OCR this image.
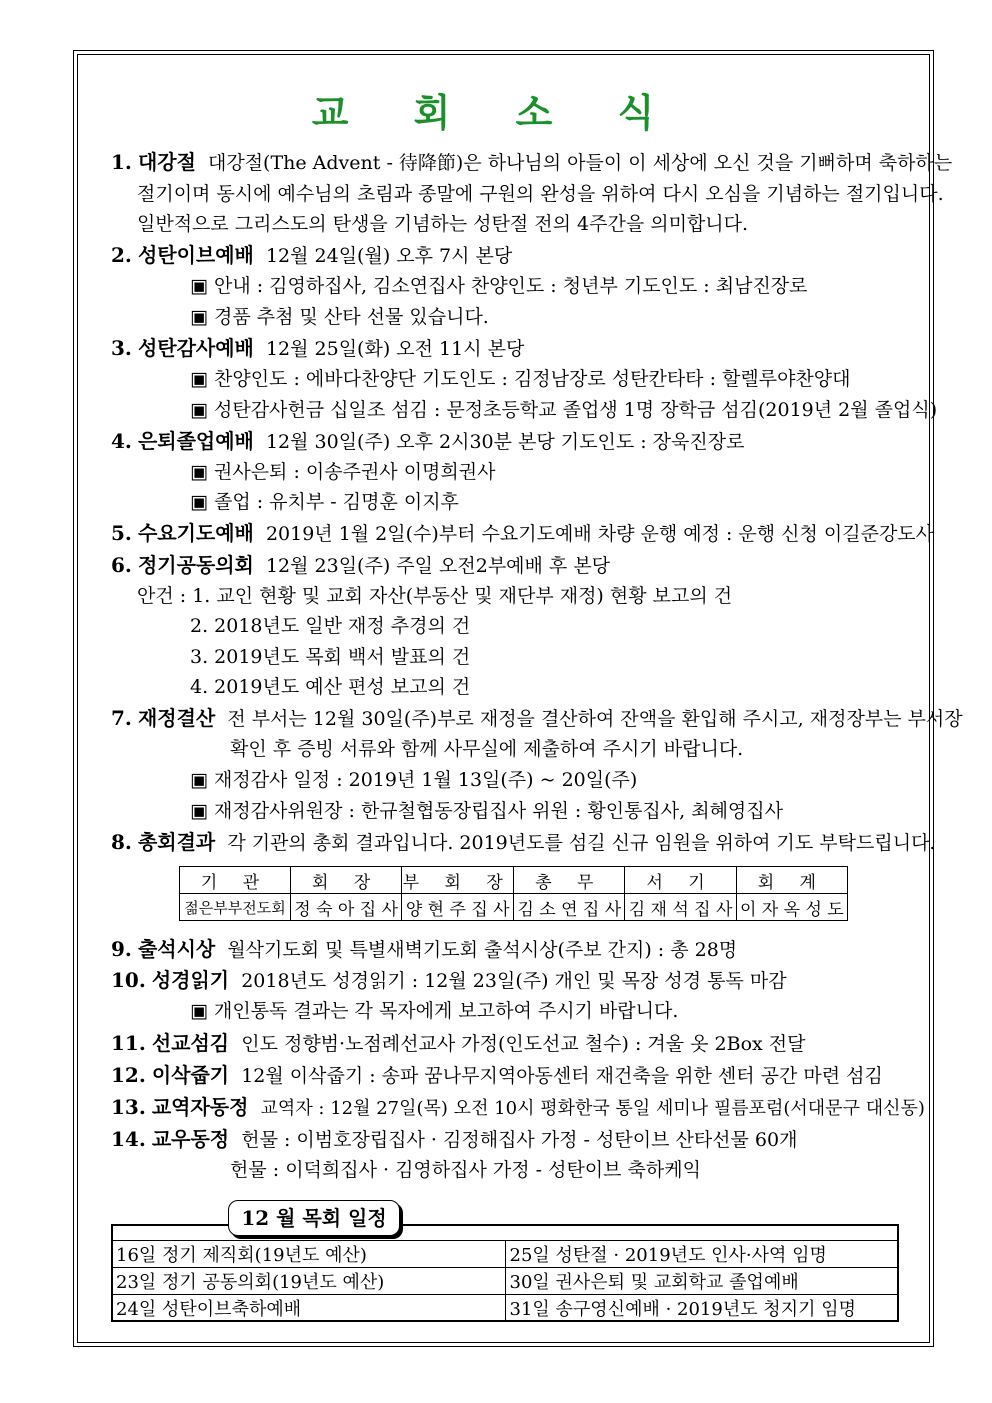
교 회 소 식
1. 대강절 대강절(The Advent - 待降節)은 하나님의 아들이 이 세상에 오신 것을 기뻐하며 축하하는
절기이며 동시에 예수님의 초림과 종말에 구원의 완성을 위하여 다시 오심을 기념하는 절기입니다.
일반적으로 그리스도의 탄생을 기념하는 성탄절 전의 4주간을 의미합니다.
2. 성탄이브예배 12월 24일(월) 오후 7시 본당
▣ 안내 : 김영하집사, 김소연집사 찬양인도 : 청년부 기도인도 : 최남진장로
▣ 경품 추첨 및 산타 선물 있습니다.
3. 성탄감사예배 12월 25일(화) 오전 11시 본당
▣ 찬양인도 : 에바다찬양단 기도인도 : 김정남장로 성탄칸타타 : 할렐루야찬양대
▣ 성탄감사헌금 십일조 섬김 : 문정초등학교 졸업생 1명 장학금 섬김(2019년 2월 졸업식)
4. 은퇴졸업예배 12월 30일(주) 오후 2시30분 본당 기도인도 : 장욱진장로
▣ 권사은퇴 : 이송주권사 이명희권사
▣ 졸업 : 유치부 - 김명훈 이지후
5. 수요기도예배 2019년 1월 2일(수)부터 수요기도예배 차량 운행 예정 : 운행 신청 이길준강도사
6. 정기공동의회 12월 23일(주) 주일 오전2부예배 후 본당
안건 : 1. 교인 현황 및 교회 자산(부동산 및 재단부 재정) 현황 보고의 건
2. 2018년도 일반 재정 추경의 건
3. 2019년도 목회 백서 발표의 건
4. 2019년도 예산 편성 보고의 건
7. 재정결산 전 부서는 12월 30일(주)부로 재정을 결산하여 잔액을 환입해 주시고, 재정장부는 부서장
확인 후 증빙 서류와 함께 사무실에 제출하여 주시기 바랍니다.
▣ 재정감사 일정 : 2019년 1월 13일(주) ~ 20일(주)
▣ 재정감사위원장 : 한규철협동장립집사 위원 : 황인통집사, 최혜영집사
8. 총회결과 각 기관의 총회 결과입니다. 2019년도를 섬길 신규 임원을 위하여 기도 부탁드립니다.
기 관	회 장	부 회 장	총 무	서 기	회 계
젊은부부전도회	정 숙 아 집 사	양 현 주 집 사	김 소 연 집 사	김 재 석 집 사	이 자 옥 성 도
9. 출석시상 월삭기도회 및 특별새벽기도회 출석시상(주보 간지) : 총 28명
10. 성경읽기 2018년도 성경읽기 : 12월 23일(주) 개인 및 목장 성경 통독 마감
▣ 개인통독 결과는 각 목자에게 보고하여 주시기 바랍니다.
11. 선교섬김 인도 정향범·노점례선교사 가정(인도선교 철수) : 겨울 옷 2Box 전달
12. 이삭줍기 12월 이삭줍기 : 송파 꿈나무지역아동센터 재건축을 위한 센터 공간 마련 섬김
13. 교역자동정 교역자 : 12월 27일(목) 오전 10시 평화한국 통일 세미나 필름포럼(서대문구 대신동)
14. 교우동정 헌물 : 이범호장립집사 · 김정해집사 가정 - 성탄이브 산타선물 60개
헌물 : 이덕희집사 · 김영하집사 가정 - 성탄이브 축하케익
16일 정기 제직회(19년도 예산)	25일 성탄절 · 2019년도 인사·사역 임명
23일 정기 공동의회(19년도 예산)	30일 권사은퇴 및 교회학교 졸업예배
24일 성탄이브축하예배	31일 송구영신예배 · 2019년도 청지기 임명
12 월 목회 일정
